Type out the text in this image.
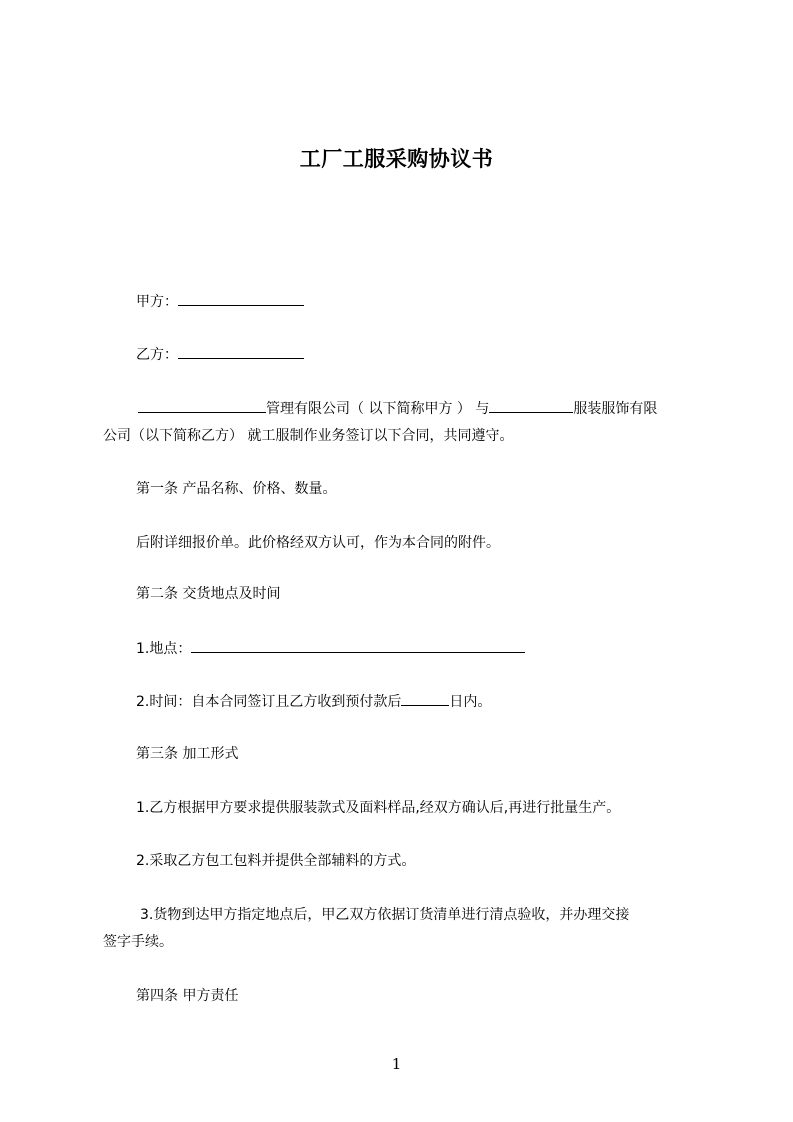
工厂工服采购协议书
甲方：
乙方：
管理有限公司（ 以下简称甲方 ） 与	服装服饰有限
公司（以下简称乙方） 就工服制作业务签订以下合同，共同遵守。
第一条 产品名称、价格、数量。
后附详细报价单。此价格经双方认可，作为本合同的附件。
第二条 交货地点及时间
1.地点：
2.时间：自本合同签订且乙方收到预付款后	日内。
第三条 加工形式
1.乙方根据甲方要求提供服装款式及面料样品,经双方确认后,再进行批量生产。
2.采取乙方包工包料并提供全部辅料的方式。
3.货物到达甲方指定地点后，甲乙双方依据订货清单进行清点验收，并办理交接
签字手续。
第四条 甲方责任
1
